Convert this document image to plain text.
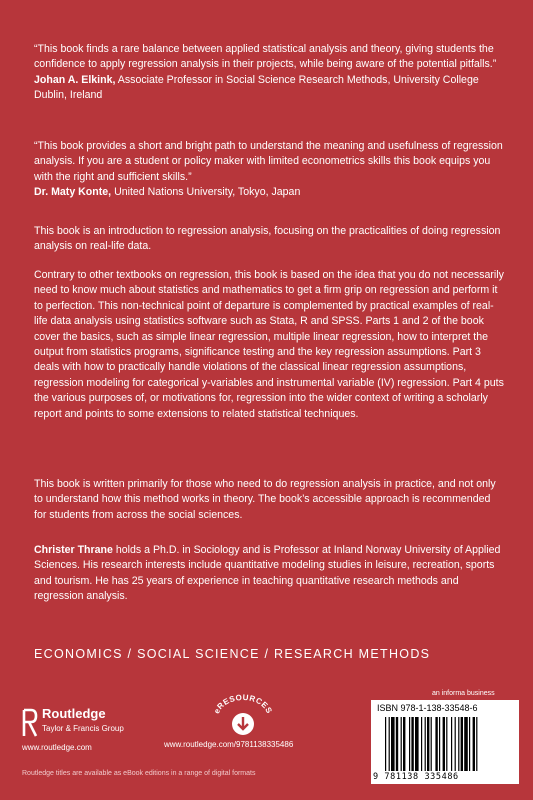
“This book finds a rare balance between applied statistical analysis and theory, giving students the confidence to apply regression analysis in their projects, while being aware of the potential pitfalls.”

Johan A. Elkink, Associate Professor in Social Science Research Methods, University College Dublin, Ireland

“This book provides a short and bright path to understand the meaning and usefulness of regression analysis. If you are a student or policy maker with limited econometrics skills this book equips you with the right and sufficient skills.”

Dr. Maty Konte, United Nations University, Tokyo, Japan

This book is an introduction to regression analysis, focusing on the practicalities of doing regression analysis on real-life data.

Contrary to other textbooks on regression, this book is based on the idea that you do not necessarily need to know much about statistics and mathematics to get a firm grip on regression and perform it to perfection. This non-technical point of departure is complemented by practical examples of real-life data analysis using statistics software such as Stata, R and SPSS. Parts 1 and 2 of the book cover the basics, such as simple linear regression, multiple linear regression, how to interpret the output from statistics programs, significance testing and the key regression assumptions. Part 3 deals with how to practically handle violations of the classical linear regression assumptions, regression modeling for categorical y-variables and instrumental variable (IV) regression. Part 4 puts the various purposes of, or motivations for, regression into the wider context of writing a scholarly report and points to some extensions to related statistical techniques.

This book is written primarily for those who need to do regression analysis in practice, and not only to understand how this method works in theory. The book’s accessible approach is recommended for students from across the social sciences.

Christer Thrane holds a Ph.D. in Sociology and is Professor at Inland Norway University of Applied Sciences. His research interests include quantitative modeling studies in leisure, recreation, sports and tourism. He has 25 years of experience in teaching quantitative research methods and regression analysis.

ECONOMICS / SOCIAL SCIENCE / RESEARCH METHODS
Routledge
Taylor & Francis Group
www.routledge.com
eRESOURCES
www.routledge.com/9781138335486
an informa business
ISBN 978-1-138-33548-6
9 781138 335486
Routledge titles are available as eBook editions in a range of digital formats
